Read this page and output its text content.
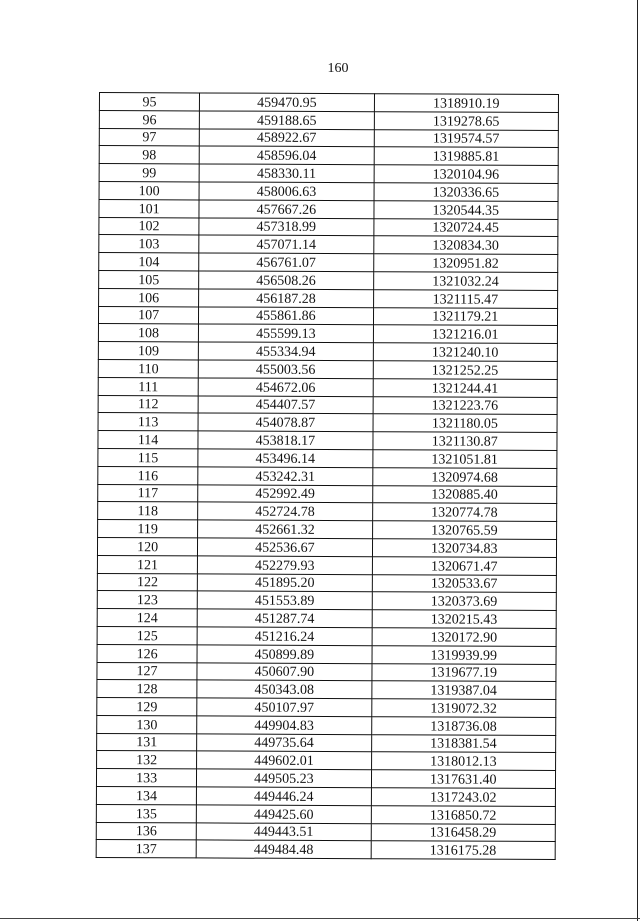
160
95	459470.95	1318910.19
96	459188.65	1319278.65
97	458922.67	1319574.57
98	458596.04	1319885.81
99	458330.11	1320104.96
100	458006.63	1320336.65
101	457667.26	1320544.35
102	457318.99	1320724.45
103	457071.14	1320834.30
104	456761.07	1320951.82
105	456508.26	1321032.24
106	456187.28	1321115.47
107	455861.86	1321179.21
108	455599.13	1321216.01
109	455334.94	1321240.10
110	455003.56	1321252.25
111	454672.06	1321244.41
112	454407.57	1321223.76
113	454078.87	1321180.05
114	453818.17	1321130.87
115	453496.14	1321051.81
116	453242.31	1320974.68
117	452992.49	1320885.40
118	452724.78	1320774.78
119	452661.32	1320765.59
120	452536.67	1320734.83
121	452279.93	1320671.47
122	451895.20	1320533.67
123	451553.89	1320373.69
124	451287.74	1320215.43
125	451216.24	1320172.90
126	450899.89	1319939.99
127	450607.90	1319677.19
128	450343.08	1319387.04
129	450107.97	1319072.32
130	449904.83	1318736.08
131	449735.64	1318381.54
132	449602.01	1318012.13
133	449505.23	1317631.40
134	449446.24	1317243.02
135	449425.60	1316850.72
136	449443.51	1316458.29
137	449484.48	1316175.28
